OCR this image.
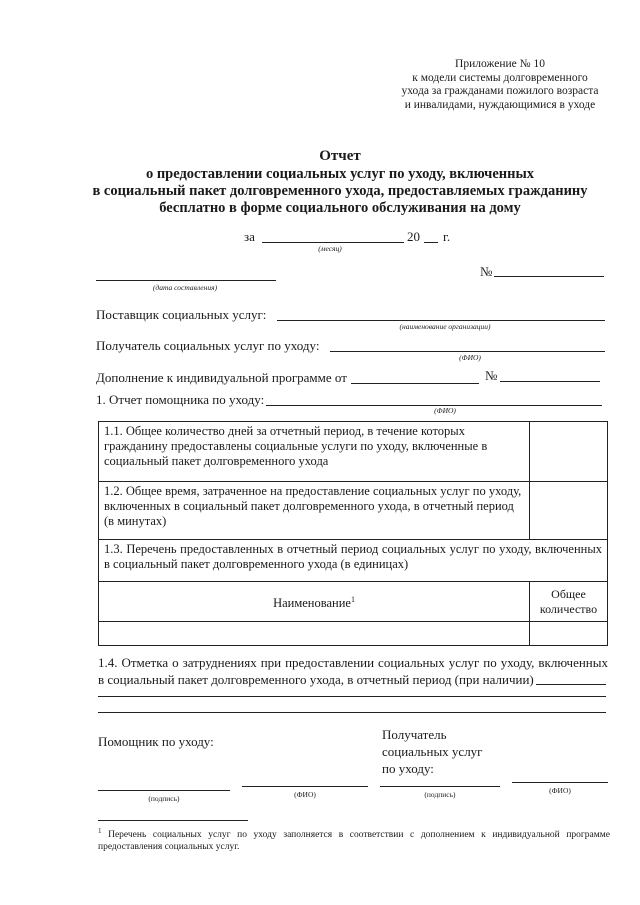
Приложение № 10
к модели системы долговременного
ухода за гражданами пожилого возраста
и инвалидами, нуждающимися в уходе
Отчет
о предоставлении социальных услуг по уходу, включенных
в социальный пакет долговременного ухода, предоставляемых гражданину
бесплатно в форме социального обслуживания на дому
за
(месяц)
20 г.
(дата составления)
№
Поставщик социальных услуг:
(наименование организации)
Получатель социальных услуг по уходу:
(ФИО)
Дополнение к индивидуальной программе от	№
1. Отчет помощника по уходу:
(ФИО)
1.1. Общее количество дней за отчетный период, в течение которых гражданину предоставлены социальные услуги по уходу, включенные в социальный пакет долговременного ухода	
1.2. Общее время, затраченное на предоставление социальных услуг по уходу, включенных в социальный пакет долговременного ухода, в отчетный период (в минутах)	
1.3. Перечень предоставленных в отчетный период социальных услуг по уходу, включенных в социальный пакет долговременного ухода (в единицах)	
Наименование$^1$	Общее
количество

1.4. Отметка о затруднениях при предоставлении социальных услуг по уходу, включенных в социальный пакет долговременного ухода, в отчетный период (при наличии)
Помощник по уходу:	Получатель
социальных услуг
по уходу:
(подпись)	(ФИО)	(подпись)	(ФИО)
$^1$ Перечень социальных услуг по уходу заполняется в соответствии с дополнением к индивидуальной программе предоставления социальных услуг.
